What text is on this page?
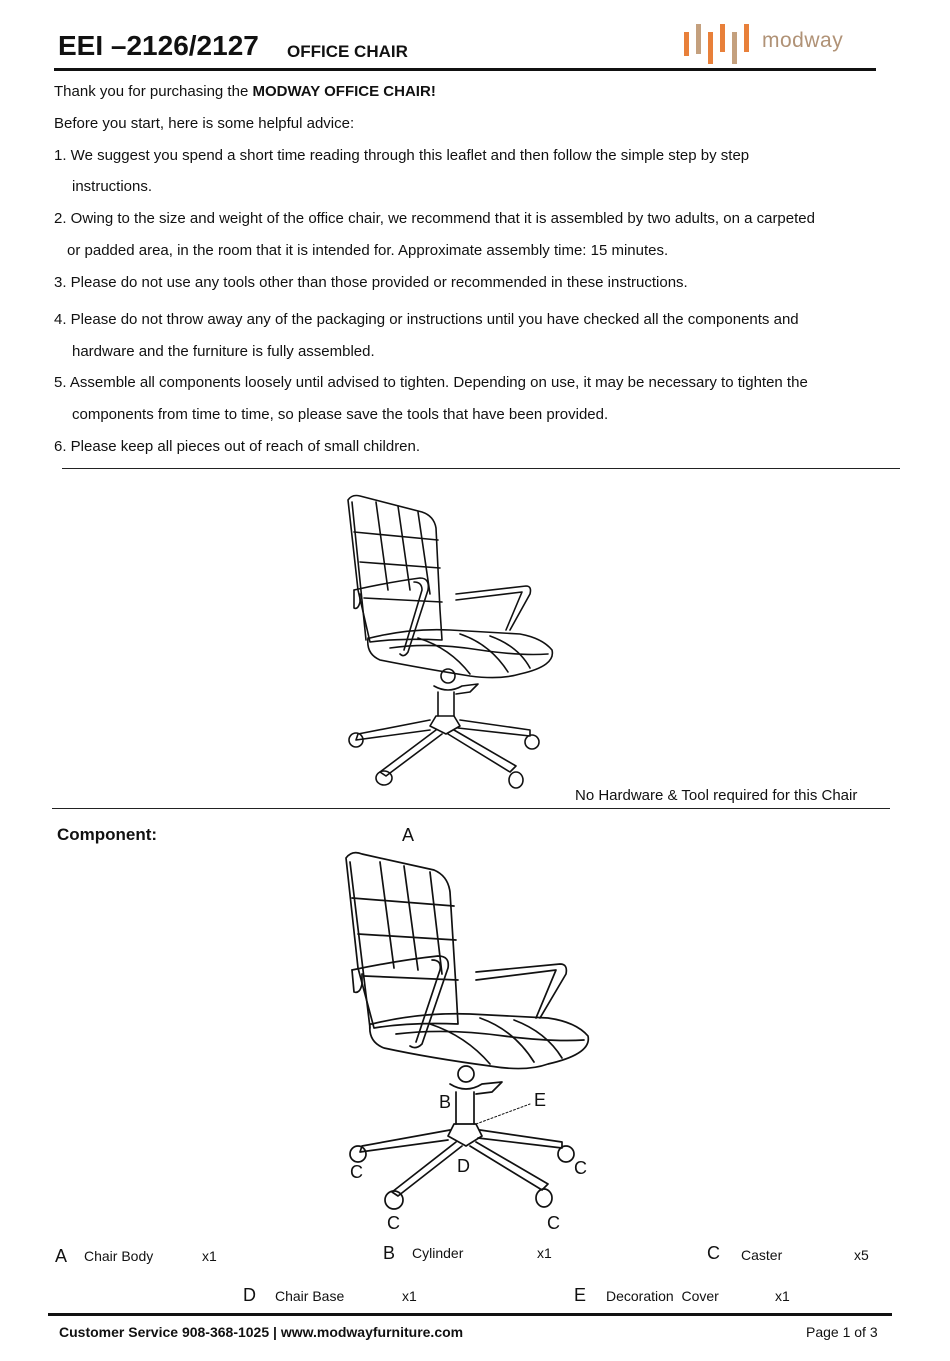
EEI –2126/2127 OFFICE CHAIR	modway
Thank you for purchasing the MODWAY OFFICE CHAIR!
Before you start, here is some helpful advice:
1. We suggest you spend a short time reading through this leaflet and then follow the simple step by step
instructions.
2. Owing to the size and weight of the office chair, we recommend that it is assembled by two adults, on a carpeted
or padded area, in the room that it is intended for. Approximate assembly time: 15 minutes.
3. Please do not use any tools other than those provided or recommended in these instructions.
4. Please do not throw away any of the packaging or instructions until you have checked all the components and
hardware and the furniture is fully assembled.
5. Assemble all components loosely until advised to tighten. Depending on use, it may be necessary to tighten the
components from time to time, so please save the tools that have been provided.
6. Please keep all pieces out of reach of small children.
No Hardware & Tool required for this Chair
Component:	A
B	E
D
C	C
C	C
A Chair Body	x1	B Cylinder	x1	C Caster	x5
D Chair Base	x1	E Decoration  Cover	x1
Customer Service 908-368-1025 | www.modwayfurniture.com	Page 1 of 3
